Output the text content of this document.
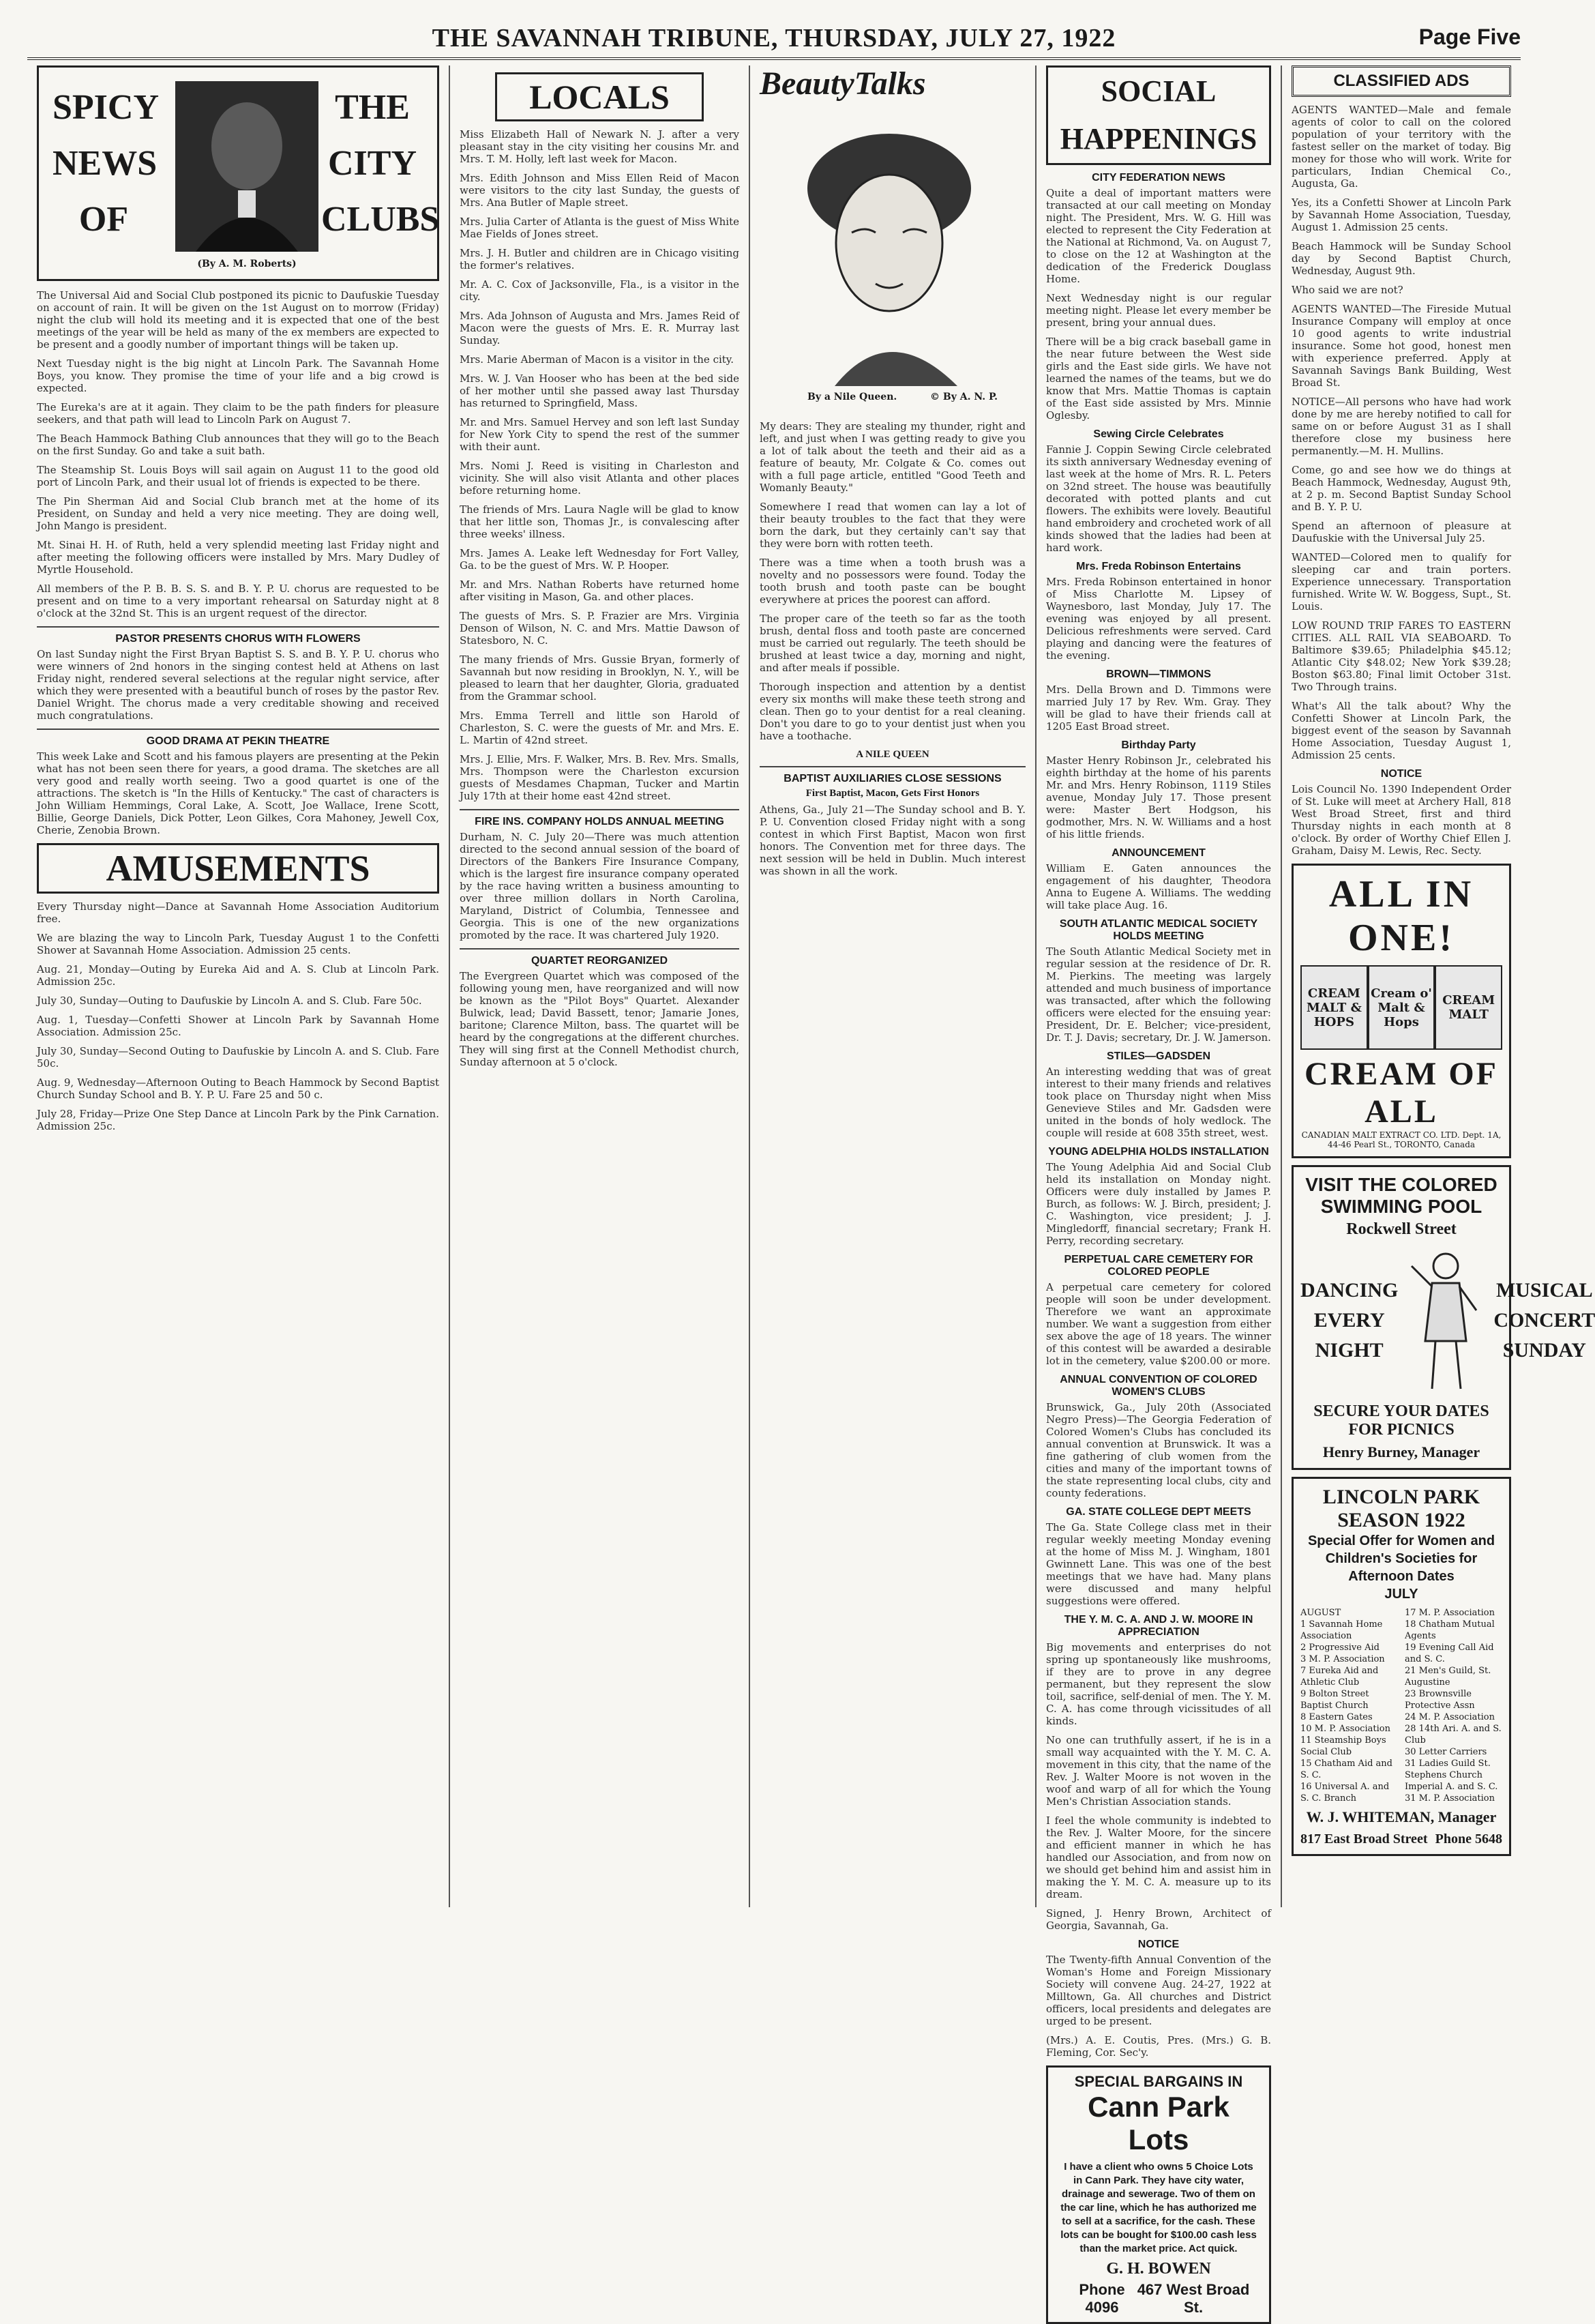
THE SAVANNAH TRIBUNE, THURSDAY, JULY 27, 1922	Page Five
SPICY
NEWS
OF
(By A. M. Roberts)
THE
CITY
CLUBS

The Universal Aid and Social Club postponed its picnic to Daufuskie Tuesday on account of rain. It will be given on the 1st August on to morrow (Friday) night the club will hold its meeting and it is expected that one of the best meetings of the year will be held as many of the ex members are expected to be present and a goodly number of important things will be taken up.

Next Tuesday night is the big night at Lincoln Park. The Savannah Home Boys, you know. They promise the time of your life and a big crowd is expected.

The Eureka's are at it again. They claim to be the path finders for pleasure seekers, and that path will lead to Lincoln Park on August 7.

The Beach Hammock Bathing Club announces that they will go to the Beach on the first Sunday. Go and take a suit bath.

The Steamship St. Louis Boys will sail again on August 11 to the good old port of Lincoln Park, and their usual lot of friends is expected to be there.

The Pin Sherman Aid and Social Club branch met at the home of its President, on Sunday and held a very nice meeting. They are doing well, John Mango is president.

Mt. Sinai H. H. of Ruth, held a very splendid meeting last Friday night and after meeting the following officers were installed by Mrs. Mary Dudley of Myrtle Household.

All members of the P. B. B. S. S. and B. Y. P. U. chorus are requested to be present and on time to a very important rehearsal on Saturday night at 8 o'clock at the 32nd St. This is an urgent request of the director.

PASTOR PRESENTS CHORUS WITH FLOWERS

On last Sunday night the First Bryan Baptist S. S. and B. Y. P. U. chorus who were winners of 2nd honors in the singing contest held at Athens on last Friday night, rendered several selections at the regular night service, after which they were presented with a beautiful bunch of roses by the pastor Rev. Daniel Wright. The chorus made a very creditable showing and received much congratulations.

GOOD DRAMA AT PEKIN THEATRE

This week Lake and Scott and his famous players are presenting at the Pekin what has not been seen there for years, a good drama. The sketches are all very good and really worth seeing. Two a good quartet is one of the attractions. The sketch is "In the Hills of Kentucky." The cast of characters is John William Hemmings, Coral Lake, A. Scott, Joe Wallace, Irene Scott, Billie, George Daniels, Dick Potter, Leon Gilkes, Cora Mahoney, Jewell Cox, Cherie, Zenobia Brown.

AMUSEMENTS

Every Thursday night—Dance at Savannah Home Association Auditorium free.

We are blazing the way to Lincoln Park, Tuesday August 1 to the Confetti Shower at Savannah Home Association. Admission 25 cents.

Aug. 21, Monday—Outing by Eureka Aid and A. S. Club at Lincoln Park. Admission 25c.

July 30, Sunday—Outing to Daufuskie by Lincoln A. and S. Club. Fare 50c.

Aug. 1, Tuesday—Confetti Shower at Lincoln Park by Savannah Home Association. Admission 25c.

July 30, Sunday—Second Outing to Daufuskie by Lincoln A. and S. Club. Fare 50c.

Aug. 9, Wednesday—Afternoon Outing to Beach Hammock by Second Baptist Church Sunday School and B. Y. P. U. Fare 25 and 50 c.

July 28, Friday—Prize One Step Dance at Lincoln Park by the Pink Carnation. Admission 25c.

LOCALS

Miss Elizabeth Hall of Newark N. J. after a very pleasant stay in the city visiting her cousins Mr. and Mrs. T. M. Holly, left last week for Macon.

Mrs. Edith Johnson and Miss Ellen Reid of Macon were visitors to the city last Sunday, the guests of Mrs. Ana Butler of Maple street.

Mrs. Julia Carter of Atlanta is the guest of Miss White Mae Fields of Jones street.

Mrs. J. H. Butler and children are in Chicago visiting the former's relatives.

Mr. A. C. Cox of Jacksonville, Fla., is a visitor in the city.

Mrs. Ada Johnson of Augusta and Mrs. James Reid of Macon were the guests of Mrs. E. R. Murray last Sunday.

Mrs. Marie Aberman of Macon is a visitor in the city.

Mrs. W. J. Van Hooser who has been at the bed side of her mother until she passed away last Thursday has returned to Springfield, Mass.

Mr. and Mrs. Samuel Hervey and son left last Sunday for New York City to spend the rest of the summer with their aunt.

Mrs. Nomi J. Reed is visiting in Charleston and vicinity. She will also visit Atlanta and other places before returning home.

The friends of Mrs. Laura Nagle will be glad to know that her little son, Thomas Jr., is convalescing after three weeks' illness.

Mrs. James A. Leake left Wednesday for Fort Valley, Ga. to be the guest of Mrs. W. P. Hooper.

Mr. and Mrs. Nathan Roberts have returned home after visiting in Mason, Ga. and other places.

The guests of Mrs. S. P. Frazier are Mrs. Virginia Denson of Wilson, N. C. and Mrs. Mattie Dawson of Statesboro, N. C.

The many friends of Mrs. Gussie Bryan, formerly of Savannah but now residing in Brooklyn, N. Y., will be pleased to learn that her daughter, Gloria, graduated from the Grammar school.

Mrs. Emma Terrell and little son Harold of Charleston, S. C. were the guests of Mr. and Mrs. E. L. Martin of 42nd street.

Mrs. J. Ellie, Mrs. F. Walker, Mrs. B. Rev. Mrs. Smalls, Mrs. Thompson were the Charleston excursion guests of Mesdames Chapman, Tucker and Martin July 17th at their home east 42nd street.

FIRE INS. COMPANY HOLDS ANNUAL MEETING

Durham, N. C. July 20—There was much attention directed to the second annual session of the board of Directors of the Bankers Fire Insurance Company, which is the largest fire insurance company operated by the race having written a business amounting to over three million dollars in North Carolina, Maryland, District of Columbia, Tennessee and Georgia. This is one of the new organizations promoted by the race. It was chartered July 1920.

QUARTET REORGANIZED

The Evergreen Quartet which was composed of the following young men, have reorganized and will now be known as the "Pilot Boys" Quartet. Alexander Bulwick, lead; David Bassett, tenor; Jamarie Jones, baritone; Clarence Milton, bass. The quartet will be heard by the congregations at the different churches. They will sing first at the Connell Methodist church, Sunday afternoon at 5 o'clock.

BeautyTalks
By a Nile Queen.	© By A. N. P.

My dears: They are stealing my thunder, right and left, and just when I was getting ready to give you a lot of talk about the teeth and their aid as a feature of beauty, Mr. Colgate & Co. comes out with a full page article, entitled "Good Teeth and Womanly Beauty."

Somewhere I read that women can lay a lot of their beauty troubles to the fact that they were born the dark, but they certainly can't say that they were born with rotten teeth.

There was a time when a tooth brush was a novelty and no possessors were found. Today the tooth brush and tooth paste can be bought everywhere at prices the poorest can afford.

The proper care of the teeth so far as the tooth brush, dental floss and tooth paste are concerned must be carried out regularly. The teeth should be brushed at least twice a day, morning and night, and after meals if possible.

Thorough inspection and attention by a dentist every six months will make these teeth strong and clean. Then go to your dentist for a real cleaning. Don't you dare to go to your dentist just when you have a toothache.

A NILE QUEEN
BAPTIST AUXILIARIES CLOSE SESSIONS
First Baptist, Macon, Gets First Honors

Athens, Ga., July 21—The Sunday school and B. Y. P. U. Convention closed Friday night with a song contest in which First Baptist, Macon won first honors. The Convention met for three days. The next session will be held in Dublin. Much interest was shown in all the work.

SOCIAL HAPPENINGS
CITY FEDERATION NEWS

Quite a deal of important matters were transacted at our call meeting on Monday night. The President, Mrs. W. G. Hill was elected to represent the City Federation at the National at Richmond, Va. on August 7, to close on the 12 at Washington at the dedication of the Frederick Douglass Home.

Next Wednesday night is our regular meeting night. Please let every member be present, bring your annual dues.

There will be a big crack baseball game in the near future between the West side girls and the East side girls. We have not learned the names of the teams, but we do know that Mrs. Mattie Thomas is captain of the East side assisted by Mrs. Minnie Oglesby.

Sewing Circle Celebrates

Fannie J. Coppin Sewing Circle celebrated its sixth anniversary Wednesday evening of last week at the home of Mrs. R. L. Peters on 32nd street. The house was beautifully decorated with potted plants and cut flowers. The exhibits were lovely. Beautiful hand embroidery and crocheted work of all kinds showed that the ladies had been at hard work.

Mrs. Freda Robinson Entertains

Mrs. Freda Robinson entertained in honor of Miss Charlotte M. Lipsey of Waynesboro, last Monday, July 17. The evening was enjoyed by all present. Delicious refreshments were served. Card playing and dancing were the features of the evening.

BROWN—TIMMONS

Mrs. Della Brown and D. Timmons were married July 17 by Rev. Wm. Gray. They will be glad to have their friends call at 1205 East Broad street.

Birthday Party

Master Henry Robinson Jr., celebrated his eighth birthday at the home of his parents Mr. and Mrs. Henry Robinson, 1119 Stiles avenue, Monday July 17. Those present were: Master Bert Hodgson, his godmother, Mrs. N. W. Williams and a host of his little friends.

ANNOUNCEMENT

William E. Gaten announces the engagement of his daughter, Theodora Anna to Eugene A. Williams. The wedding will take place Aug. 16.

SOUTH ATLANTIC MEDICAL SOCIETY HOLDS MEETING

The South Atlantic Medical Society met in regular session at the residence of Dr. R. M. Pierkins. The meeting was largely attended and much business of importance was transacted, after which the following officers were elected for the ensuing year: President, Dr. E. Belcher; vice-president, Dr. T. J. Davis; secretary, Dr. J. W. Jamerson.

STILES—GADSDEN

An interesting wedding that was of great interest to their many friends and relatives took place on Thursday night when Miss Genevieve Stiles and Mr. Gadsden were united in the bonds of holy wedlock. The couple will reside at 608 35th street, west.

YOUNG ADELPHIA HOLDS INSTALLATION

The Young Adelphia Aid and Social Club held its installation on Monday night. Officers were duly installed by James P. Burch, as follows: W. J. Birch, president; J. C. Washington, vice president; J. J. Mingledorff, financial secretary; Frank H. Perry, recording secretary.

PERPETUAL CARE CEMETERY FOR COLORED PEOPLE

A perpetual care cemetery for colored people will soon be under development. Therefore we want an approximate number. We want a suggestion from either sex above the age of 18 years. The winner of this contest will be awarded a desirable lot in the cemetery, value $200.00 or more.

ANNUAL CONVENTION OF COLORED WOMEN'S CLUBS

Brunswick, Ga., July 20th (Associated Negro Press)—The Georgia Federation of Colored Women's Clubs has concluded its annual convention at Brunswick. It was a fine gathering of club women from the cities and many of the important towns of the state representing local clubs, city and county federations.

GA. STATE COLLEGE DEPT MEETS

The Ga. State College class met in their regular weekly meeting Monday evening at the home of Miss M. J. Wingham, 1801 Gwinnett Lane. This was one of the best meetings that we have had. Many plans were discussed and many helpful suggestions were offered.

THE Y. M. C. A. AND J. W. MOORE IN APPRECIATION

Big movements and enterprises do not spring up spontaneously like mushrooms, if they are to prove in any degree permanent, but they represent the slow toil, sacrifice, self-denial of men. The Y. M. C. A. has come through vicissitudes of all kinds.

No one can truthfully assert, if he is in a small way acquainted with the Y. M. C. A. movement in this city, that the name of the Rev. J. Walter Moore is not woven in the woof and warp of all for which the Young Men's Christian Association stands.

I feel the whole community is indebted to the Rev. J. Walter Moore, for the sincere and efficient manner in which he has handled our Association, and from now on we should get behind him and assist him in making the Y. M. C. A. measure up to its dream.

Signed, J. Henry Brown, Architect of Georgia, Savannah, Ga.

NOTICE

The Twenty-fifth Annual Convention of the Woman's Home and Foreign Missionary Society will convene Aug. 24-27, 1922 at Milltown, Ga. All churches and District officers, local presidents and delegates are urged to be present.

(Mrs.) A. E. Coutis, Pres. (Mrs.) G. B. Fleming, Cor. Sec'y.

SPECIAL BARGAINS IN
Cann Park Lots
I have a client who owns 5 Choice Lots in Cann Park. They have city water, drainage and sewerage. Two of them on the car line, which he has authorized me to sell at a sacrifice, for the cash. These lots can be bought for $100.00 cash less than the market price. Act quick.
G. H. BOWEN
Phone 4096
467 West Broad St.
CLASSIFIED ADS

AGENTS WANTED—Male and female agents of color to call on the colored population of your territory with the fastest seller on the market of today. Big money for those who will work. Write for particulars, Indian Chemical Co., Augusta, Ga.

Yes, its a Confetti Shower at Lincoln Park by Savannah Home Association, Tuesday, August 1. Admission 25 cents.

Beach Hammock will be Sunday School day by Second Baptist Church, Wednesday, August 9th.

Who said we are not?

AGENTS WANTED—The Fireside Mutual Insurance Company will employ at once 10 good agents to write industrial insurance. Some hot good, honest men with experience preferred. Apply at Savannah Savings Bank Building, West Broad St.

NOTICE—All persons who have had work done by me are hereby notified to call for same on or before August 31 as I shall therefore close my business here permanently.—M. H. Mullins.

Come, go and see how we do things at Beach Hammock, Wednesday, August 9th, at 2 p. m. Second Baptist Sunday School and B. Y. P. U.

Spend an afternoon of pleasure at Daufuskie with the Universal July 25.

WANTED—Colored men to qualify for sleeping car and train porters. Experience unnecessary. Transportation furnished. Write W. W. Boggess, Supt., St. Louis.

LOW ROUND TRIP FARES TO EASTERN CITIES. ALL RAIL VIA SEABOARD. To Baltimore $39.65; Philadelphia $45.12; Atlantic City $48.02; New York $39.28; Boston $63.80; Final limit October 31st. Two Through trains.

What's All the talk about? Why the Confetti Shower at Lincoln Park, the biggest event of the season by Savannah Home Association, Tuesday August 1, Admission 25 cents.

NOTICE

Lois Council No. 1390 Independent Order of St. Luke will meet at Archery Hall, 818 West Broad Street, first and third Thursday nights in each month at 8 o'clock. By order of Worthy Chief Ellen J. Graham, Daisy M. Lewis, Rec. Secty.

ALL IN ONE!
CREAM MALT & HOPS
Cream o' Malt & Hops
CREAM MALT
CREAM OF ALL
CANADIAN MALT EXTRACT CO. LTD. Dept. 1A, 44-46 Pearl St., TORONTO, Canada
VISIT THE COLORED SWIMMING POOL
Rockwell Street
DANCING
EVERY
NIGHT
MUSICAL
CONCERT
SUNDAY
SECURE YOUR DATES FOR PICNICS
Henry Burney, Manager
LINCOLN PARK SEASON 1922
Special Offer for Women and Children's Societies for Afternoon Dates
JULY
AUGUST
1 Savannah Home Association
2 Progressive Aid
3 M. P. Association
7 Eureka Aid and Athletic Club
9 Bolton Street Baptist Church
8 Eastern Gates
10 M. P. Association
11 Steamship Boys Social Club
15 Chatham Aid and S. C.
16 Universal A. and S. C. Branch
17 M. P. Association
18 Chatham Mutual Agents
19 Evening Call Aid and S. C.
21 Men's Guild, St. Augustine
23 Brownsville Protective Assn
24 M. P. Association
28 14th Ari. A. and S. Club
30 Letter Carriers
31 Ladies Guild St. Stephens Church
Imperial A. and S. C.
31 M. P. Association
W. J. WHITEMAN, Manager
817 East Broad Street Phone 5648
